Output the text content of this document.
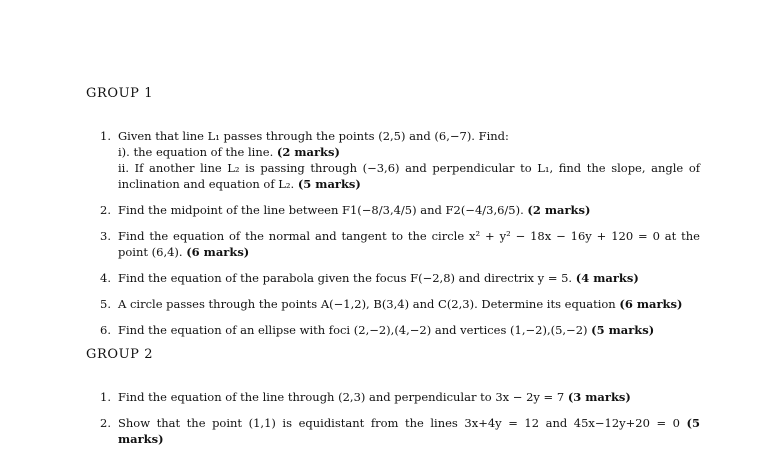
GROUP 1
1. Given that line L₁ passes through the points (2,5) and (6,−7). Find:
i). the equation of the line. (2 marks)
ii. If another line L₂ is passing through (−3,6) and perpendicular to L₁, find the slope, angle of inclination and equation of L₂. (5 marks)
2. Find the midpoint of the line between F1(−8/3,4/5) and F2(−4/3,6/5). (2 marks)
3. Find the equation of the normal and tangent to the circle x² + y² − 18x − 16y + 120 = 0 at the point (6,4). (6 marks)
4. Find the equation of the parabola given the focus F(−2,8) and directrix y = 5. (4 marks)
5. A circle passes through the points A(−1,2), B(3,4) and C(2,3). Determine its equation (6 marks)
6. Find the equation of an ellipse with foci (2,−2),(4,−2) and vertices (1,−2),(5,−2) (5 marks)
GROUP 2
1. Find the equation of the line through (2,3) and perpendicular to 3x − 2y = 7 (3 marks)
2. Show that the point (1,1) is equidistant from the lines 3x+4y = 12 and 45x−12y+20 = 0 (5 marks)
